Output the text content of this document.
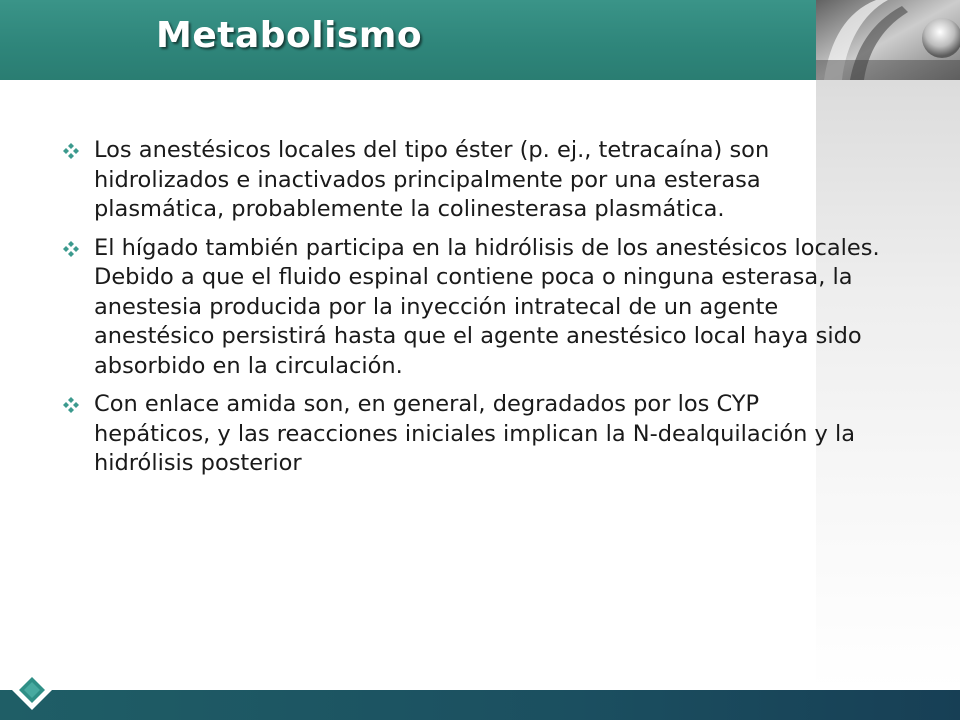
Metabolismo
Los anestésicos locales del tipo éster (p. ej., tetracaína) son hidrolizados e inactivados principalmente por una esterasa plasmática, probablemente la colinesterasa plasmática.
El hígado también participa en la hidrólisis de los anestésicos locales. Debido a que el fluido espinal contiene poca o ninguna esterasa, la anestesia producida por la inyección intratecal de un agente anestésico persistirá hasta que el agente anestésico local haya sido absorbido en la circulación.
Con enlace amida son, en general, degradados por los CYP hepáticos, y las reacciones iniciales implican la N-dealquilación y la hidrólisis posterior
